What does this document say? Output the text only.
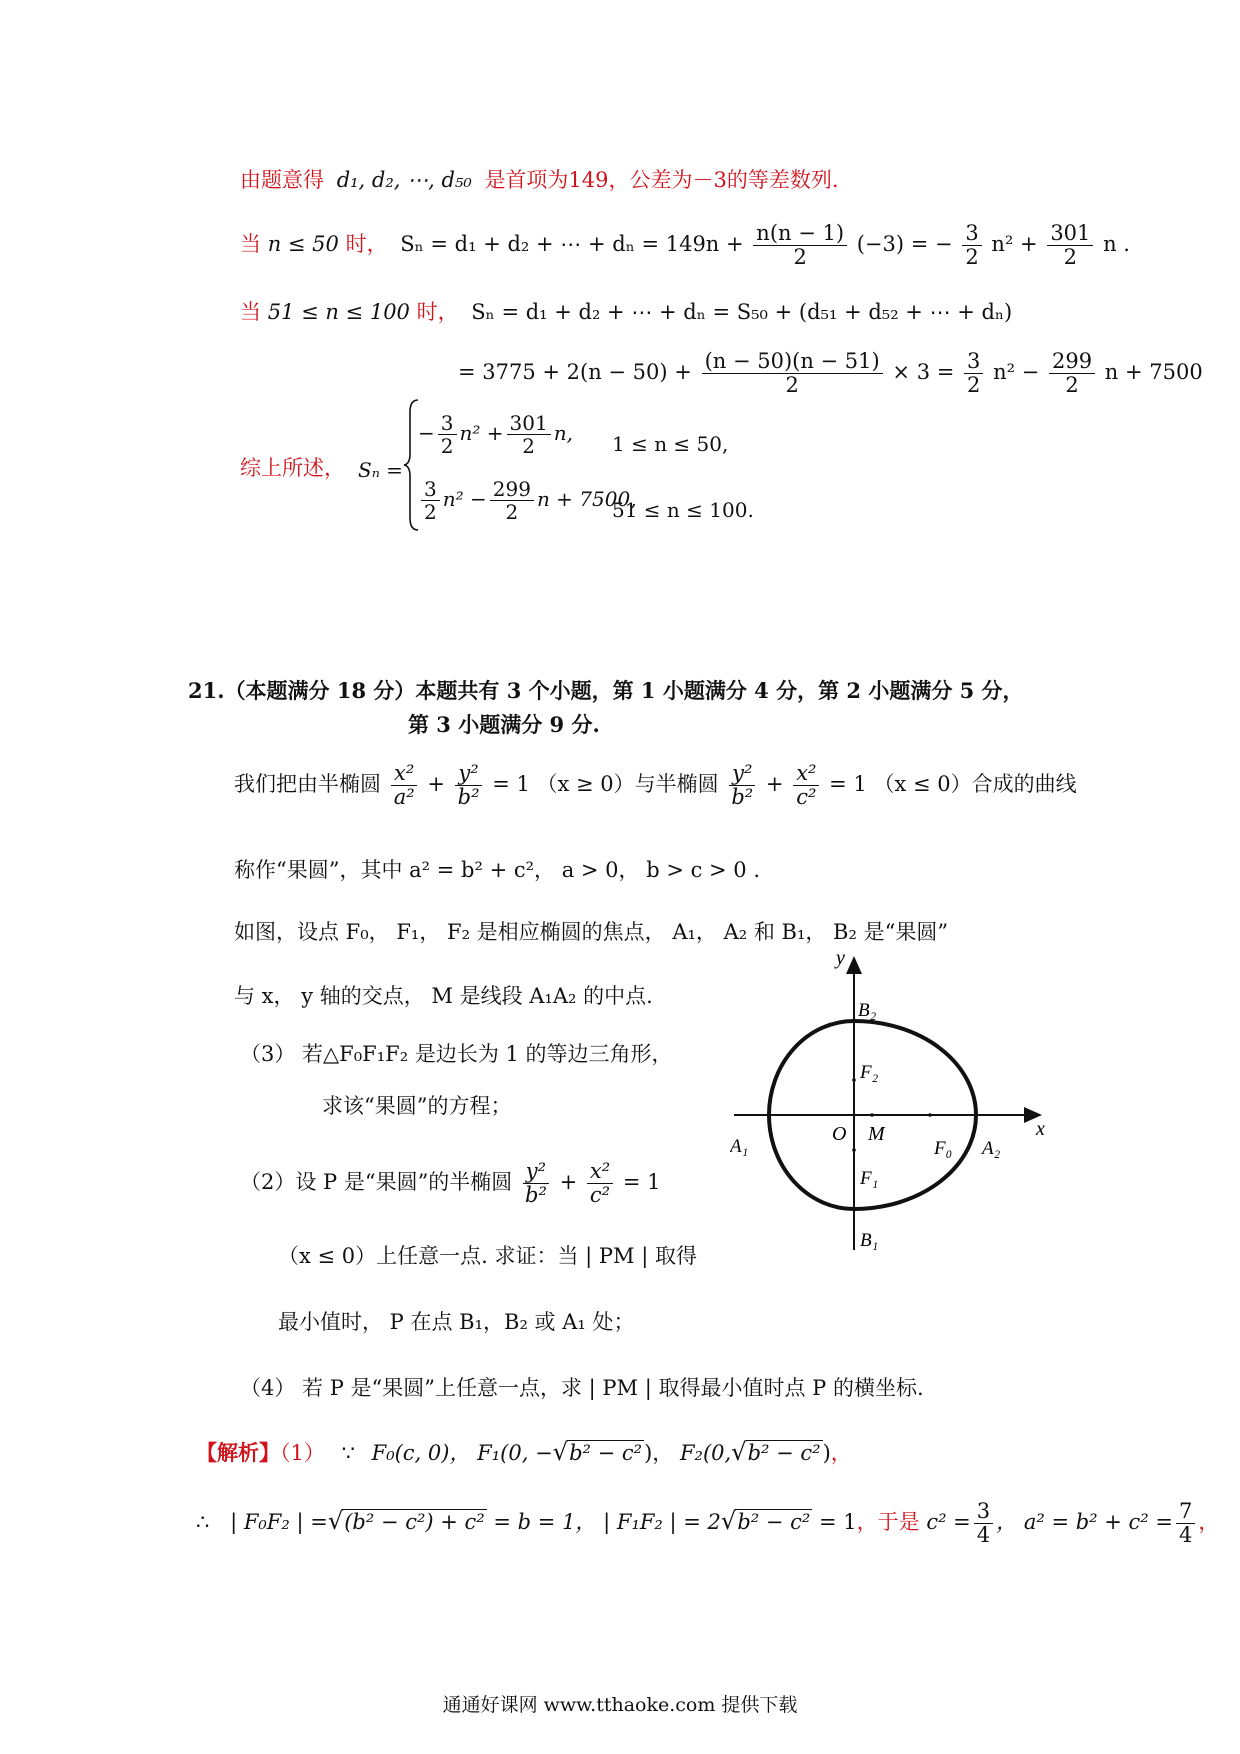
由题意得 d₁, d₂, ⋯, d₅₀ 是首项为149，公差为－3的等差数列.
当 n ≤ 50 时， Sₙ = d₁ + d₂ + ⋯ + $d_n = 149n + \frac{n(n - 1)}{2} (-3)$ = − $\frac{3}{2} n^2 + \frac{301}{2}$ n .
当 51 ≤ n ≤ 100 时， Sₙ = d₁ + d₂ + ⋯ + dₙ = S₅₀ + (d₅₁ + d₅₂ + ⋯ + dₙ)
= $3775 + 2(n - 50) + \frac{(n - 50)(n - 51)}{2} \times 3 = \frac{3}{2} n^2 - \frac{299}{2}$ n + 7500
综上所述， Sₙ =
− $\frac{3}{2} n^2 + \frac{301}{2} n$, 1 ≤ n ≤ 50,
$\frac{3}{2} n^2 - \frac{299}{2}$ n + 7500,
51 ≤ n ≤ 100.
21.（本题满分 18 分）本题共有 3 个小题，第 1 小题满分 4 分，第 2 小题满分 5 分，
第 3 小题满分 9 分.
我们把由半椭圆 $\frac{\text{x²}}{\text{a²}} + \frac{\text{y²}}{\text{b²}} = 1$ （x ≥ 0）与半椭圆 $\frac{\text{y²}}{\text{b²}} + \frac{\text{x²}}{\text{c²}} = 1$ （x ≤ 0）合成的曲线
称作“果圆”，其中 a² = b² + c²， a > 0， b > c > 0 .
如图，设点 F₀， F₁， F₂ 是相应椭圆的焦点， A₁， A₂ 和 B₁， B₂ 是“果圆”
与 x， y 轴的交点， M 是线段 A₁A₂ 的中点.
（3） 若△F₀F₁F₂ 是边长为 1 的等边三角形，
求该“果圆”的方程；
（2）设 P 是“果圆”的半椭圆 $\frac{\text{y²}}{\text{b²}} + \frac{\text{x²}}{\text{c²}} = 1$
（x ≤ 0）上任意一点. 求证：当 | PM | 取得
最小值时， P 在点 B₁，B₂ 或 A₁ 处；
（4） 若 P 是“果圆”上任意一点，求 | PM | 取得最小值时点 P 的横坐标.
【解析】（1） ∵ F₀(c, 0)， F₁(0, −√b² − c²)， F₂(0,√b² − c²)，
∴ | F₀F₂ | =√(b² − c²) + c² = b = 1， | F₁F₂ | = 2√b² − c² = 1，于是 $c^2 = \frac{3}{4}$ ， $a^2 = b^2 + c^2 = \frac{7}{4}$ ，
y
x
B₂
F₂
O M
F₀
A₁	A₂
F₁
B₁
通通好课网 www.tthaoke.com 提供下载
